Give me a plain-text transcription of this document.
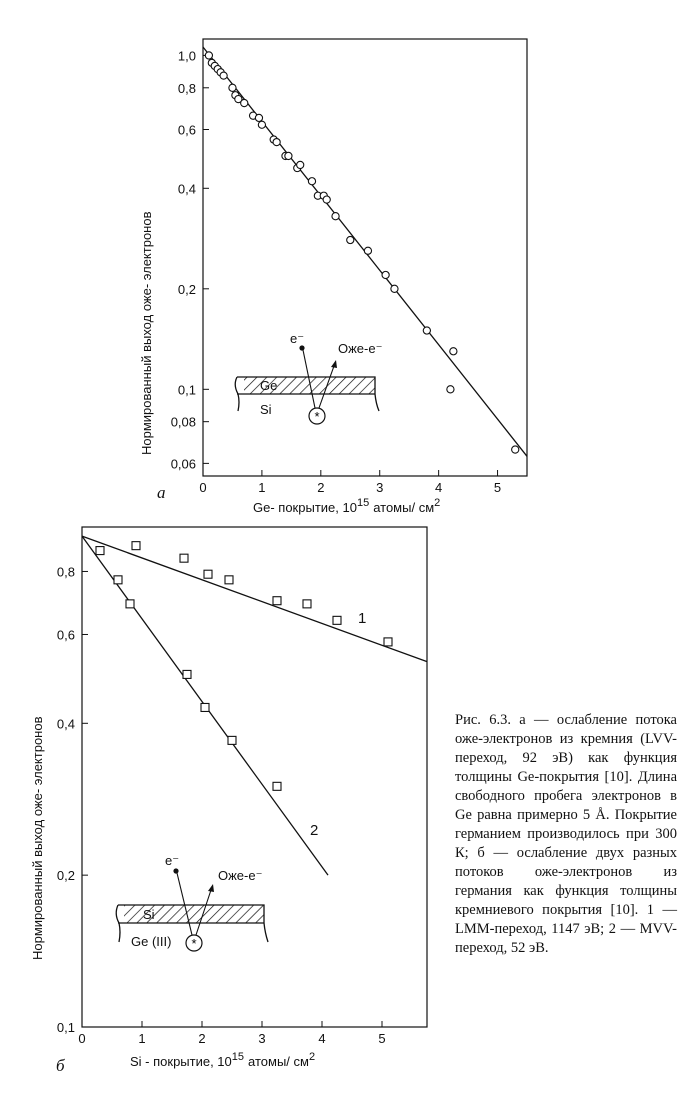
0	1	2	3	4	5
1,0
0,8
0,6
0,4
0,2
0,1
0,08
0,06
Нормированный выход оже- электронов
Ge- покрытие, $10^{15}$ атомы/ $см^2$
а
Ge
Si	*
e⁻
Оже-е⁻
0	1	2	3	4	5
0,8
0,6
0,4
0,2
0,1
1
2
Нормированный выход оже- электронов
Si - покрытие, $10^{15}$ атомы/ $см^2$
б
Si
Ge (III) *
e⁻
Оже-е⁻
Рис. 6.3. а — ослабление потока оже-электронов из кремния (LVV-переход, 92 эВ) как функция толщины Ge-покрытия [10]. Длина свободного пробега электронов в Ge равна примерно 5 Å. Покрытие германием производилось при 300 К; б — ослабление двух разных потоков оже-электронов из германия как функция толщины кремниевого покрытия [10]. 1 — LMM-переход, 1147 эВ; 2 — MVV-переход, 52 эВ.
